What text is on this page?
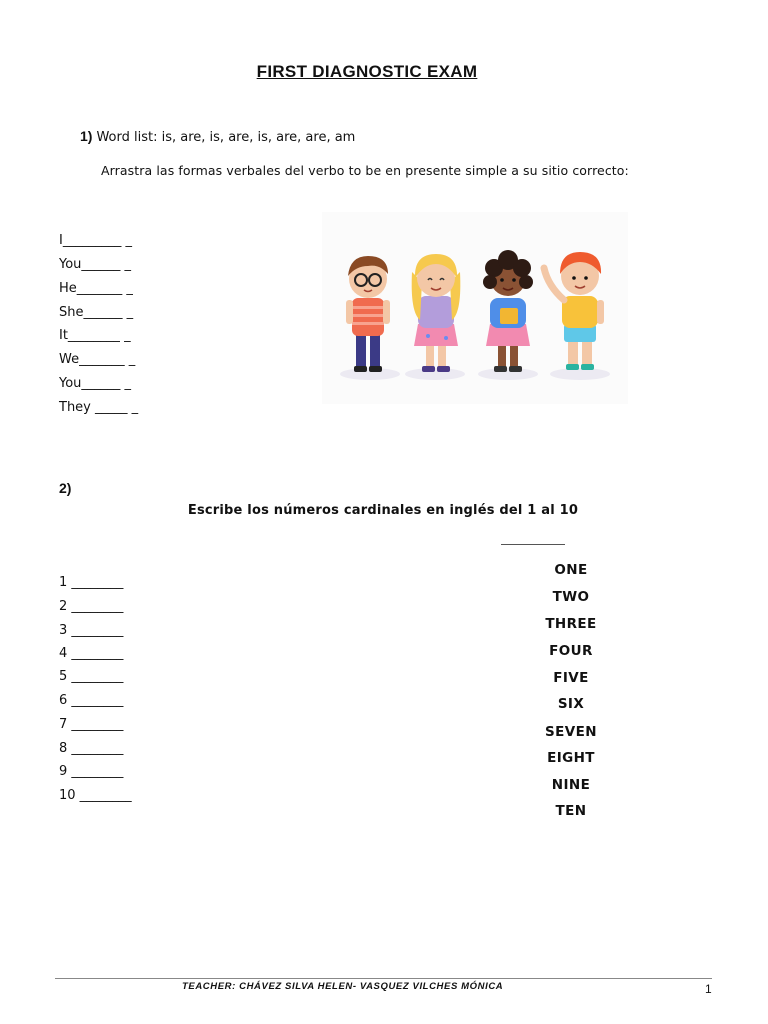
FIRST DIAGNOSTIC EXAM
1) Word list: is, are, is, are, is, are, are, am
Arrastra las formas verbales del verbo to be en presente simple a su sitio correcto:
I_________ _
You______ _
He_______ _
She______ _
It________ _
We_______ _
You______ _
They _____ _
2)
Escribe los números cardinales en inglés del 1 al 10
1 ________
2 ________
3 ________
4 ________
5 ________
6 ________
7 ________
8 ________
9 ________
10 ________
ONE
TWO
THREE
FOUR
FIVE
SIX
SEVEN
EIGHT
NINE
TEN
TEACHER: CHÁVEZ SILVA HELEN- VASQUEZ VILCHES MÓNICA	1
